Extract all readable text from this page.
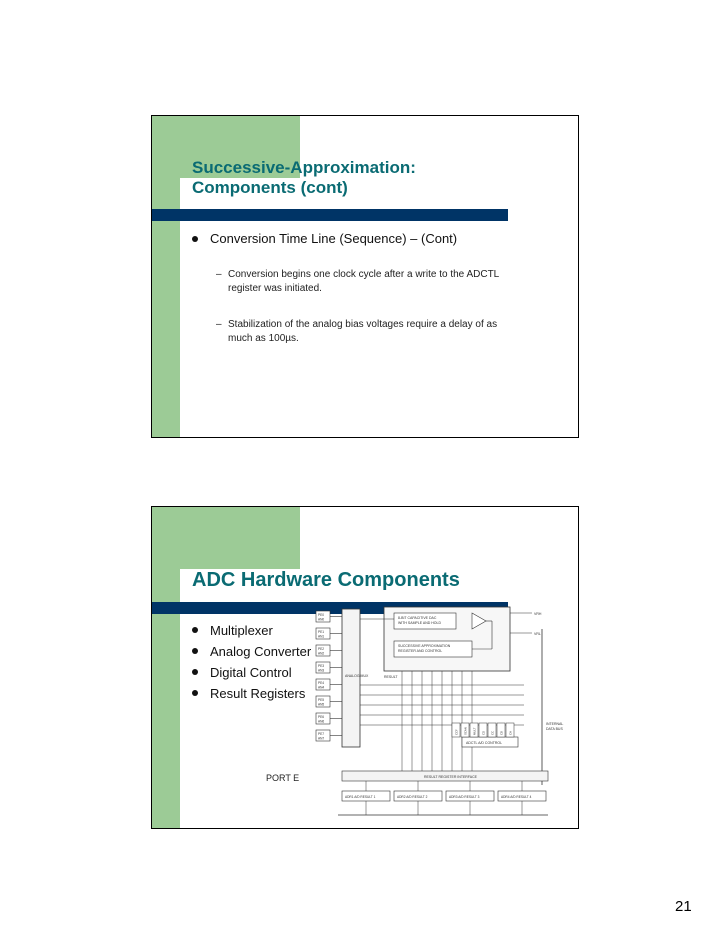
Successive-Approximation:
Components (cont)
Conversion Time Line (Sequence) – (Cont)
– Conversion begins one clock cycle after a write to the ADCTL
register was initiated.
– Stabilization of the analog bias voltages require a delay of as
much as 100µs.
ADC Hardware Components
Multiplexer
Analog Converter
Digital Control
Result Registers
PE0
AN0
PE1
AN1
PE2
AN2
PE3
AN3
PE4
AN4
PE5
AN5
PE6
AN6
PE7
AN7
ANALOG MUX
8-BIT CAPACITIVE DAC
WITH SAMPLE AND HOLD
SUCCESSIVE APPROXIMATION
REGISTER AND CONTROL
RESULT
VRH
VRL
ADCTL A/D CONTROL
CCF SCAN MULT CD CC CB CA
INTERNAL
DATA BUS
RESULT REGISTER INTERFACE
ADR1 A/D RESULT 1	ADR2 A/D RESULT 2	ADR3 A/D RESULT 3	ADR4 A/D RESULT 4
PORT E
21
